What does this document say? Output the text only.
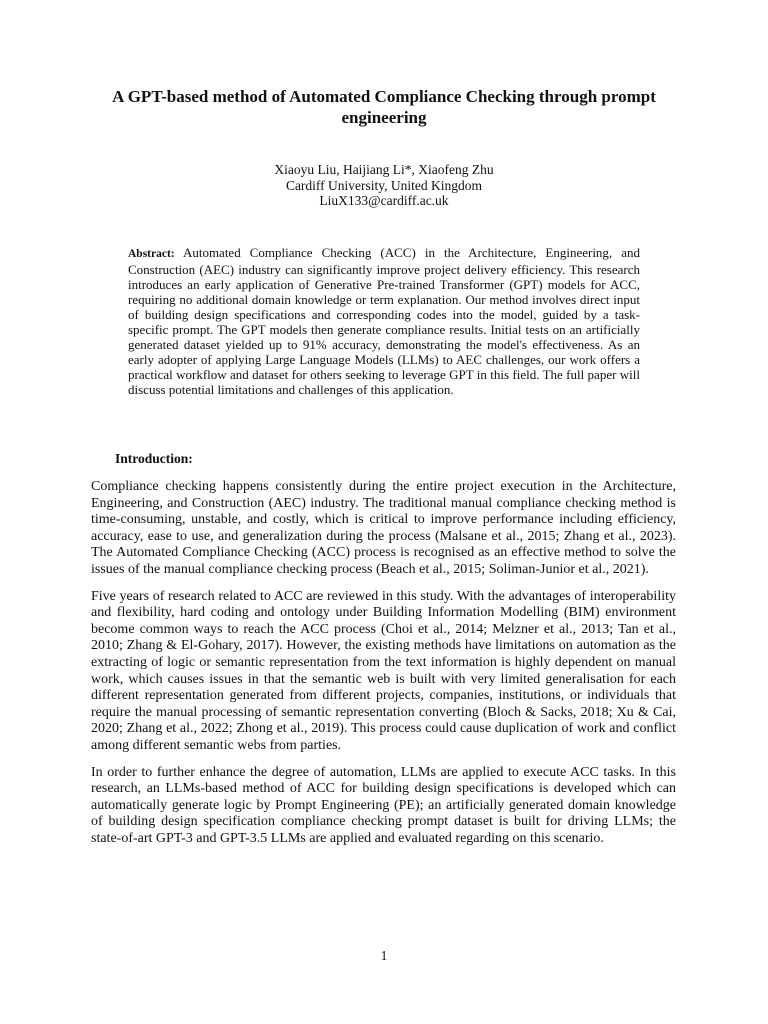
A GPT-based method of Automated Compliance Checking through prompt engineering
Xiaoyu Liu, Haijiang Li*, Xiaofeng Zhu
Cardiff University, United Kingdom
LiuX133@cardiff.ac.uk

Abstract: Automated Compliance Checking (ACC) in the Architecture, Engineering, and Construction (AEC) industry can significantly improve project delivery efficiency. This research introduces an early application of Generative Pre-trained Transformer (GPT) models for ACC, requiring no additional domain knowledge or term explanation. Our method involves direct input of building design specifications and corresponding codes into the model, guided by a task-specific prompt. The GPT models then generate compliance results. Initial tests on an artificially generated dataset yielded up to 91% accuracy, demonstrating the model's effectiveness. As an early adopter of applying Large Language Models (LLMs) to AEC challenges, our work offers a practical workflow and dataset for others seeking to leverage GPT in this field. The full paper will discuss potential limitations and challenges of this application.

Introduction:

Compliance checking happens consistently during the entire project execution in the Architecture, Engineering, and Construction (AEC) industry. The traditional manual compliance checking method is time-consuming, unstable, and costly, which is critical to improve performance including efficiency, accuracy, ease to use, and generalization during the process (Malsane et al., 2015; Zhang et al., 2023). The Automated Compliance Checking (ACC) process is recognised as an effective method to solve the issues of the manual compliance checking process (Beach et al., 2015; Soliman-Junior et al., 2021).

Five years of research related to ACC are reviewed in this study. With the advantages of interoperability and flexibility, hard coding and ontology under Building Information Modelling (BIM) environment become common ways to reach the ACC process (Choi et al., 2014; Melzner et al., 2013; Tan et al., 2010; Zhang & El-Gohary, 2017). However, the existing methods have limitations on automation as the extracting of logic or semantic representation from the text information is highly dependent on manual work, which causes issues in that the semantic web is built with very limited generalisation for each different representation generated from different projects, companies, institutions, or individuals that require the manual processing of semantic representation converting (Bloch & Sacks, 2018; Xu & Cai, 2020; Zhang et al., 2022; Zhong et al., 2019). This process could cause duplication of work and conflict among different semantic webs from parties.

In order to further enhance the degree of automation, LLMs are applied to execute ACC tasks. In this research, an LLMs-based method of ACC for building design specifications is developed which can automatically generate logic by Prompt Engineering (PE); an artificially generated domain knowledge of building design specification compliance checking prompt dataset is built for driving LLMs; the state-of-art GPT-3 and GPT-3.5 LLMs are applied and evaluated regarding on this scenario.

1
